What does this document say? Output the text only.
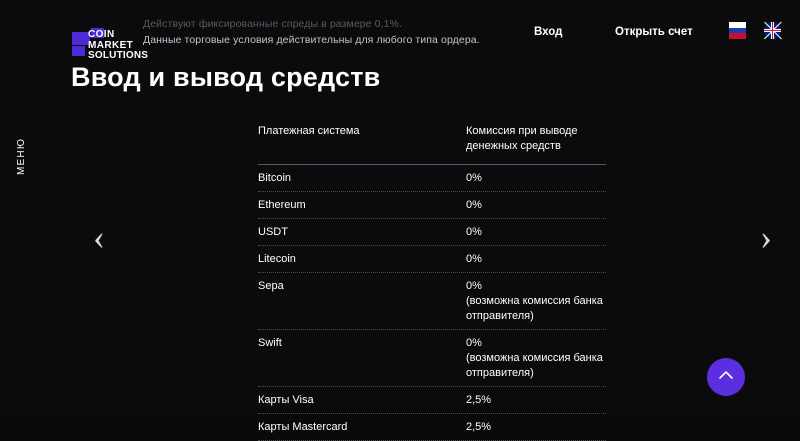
Действуют фиксированные спреды в размере 0,1%.
Данные торговые условия действительны для любого типа ордера.
COIN
MARKET
SOLUTIONS
Вход	Открыть счет
МЕНЮ
Ввод и вывод средств
‹	›
Платежная система	Комиссия при выводе денежных средств
Bitcoin	0%
Ethereum	0%
USDT	0%
Litecoin	0%
Sepa	0%
(возможна комиссия банка отправителя)
Swift	0%
(возможна комиссия банка отправителя)
Карты Visa	2,5%
Карты Mastercard	2,5%
